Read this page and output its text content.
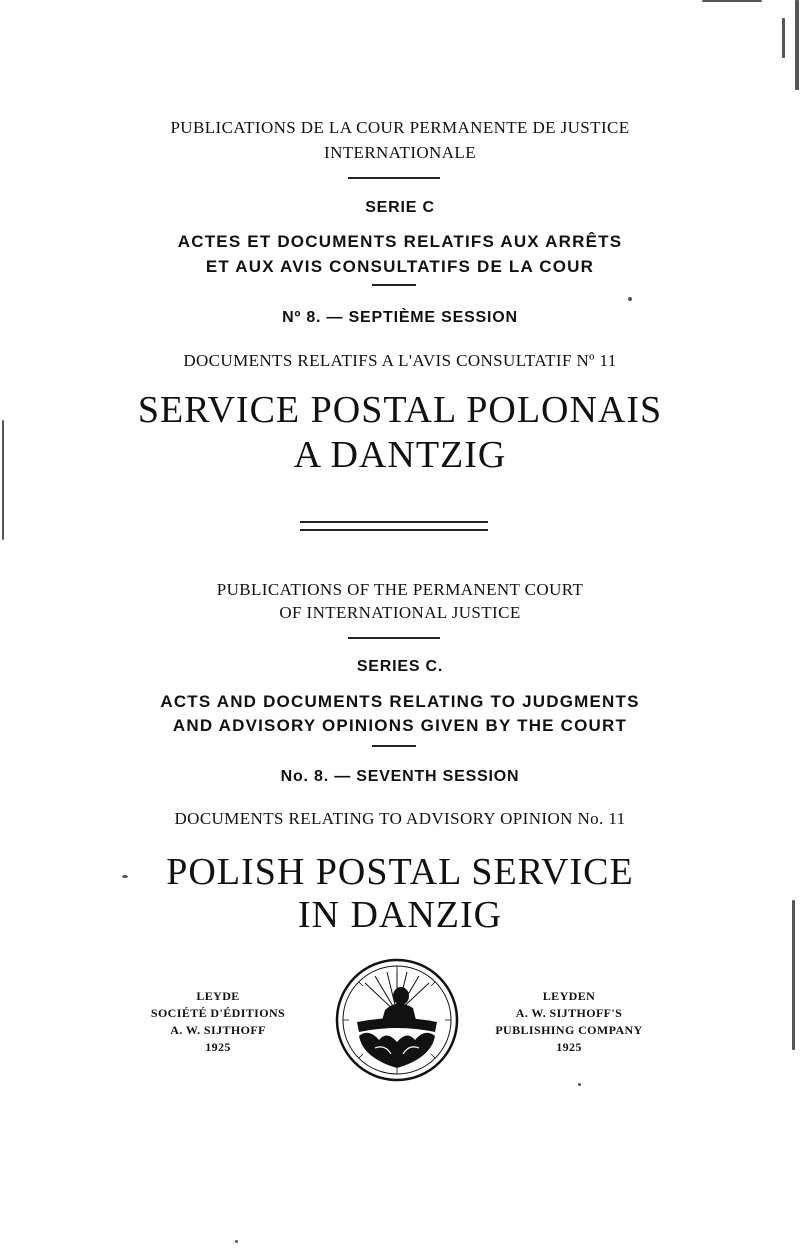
PUBLICATIONS DE LA COUR PERMANENTE DE JUSTICE
INTERNATIONALE
SERIE C
ACTES ET DOCUMENTS RELATIFS AUX ARRÊTS
ET AUX AVIS CONSULTATIFS DE LA COUR
Nº 8. — SEPTIÈME SESSION
DOCUMENTS RELATIFS A L'AVIS CONSULTATIF Nº 11
SERVICE POSTAL POLONAIS
A DANTZIG
PUBLICATIONS OF THE PERMANENT COURT
OF INTERNATIONAL JUSTICE
SERIES C.
ACTS AND DOCUMENTS RELATING TO JUDGMENTS
AND ADVISORY OPINIONS GIVEN BY THE COURT
No. 8. — SEVENTH SESSION
DOCUMENTS RELATING TO ADVISORY OPINION No. 11
POLISH POSTAL SERVICE
IN DANZIG
LEYDE
SOCIÉTÉ D'ÉDITIONS
A. W. SIJTHOFF
1925
LEYDEN
A. W. SIJTHOFF'S
PUBLISHING COMPANY
1925
